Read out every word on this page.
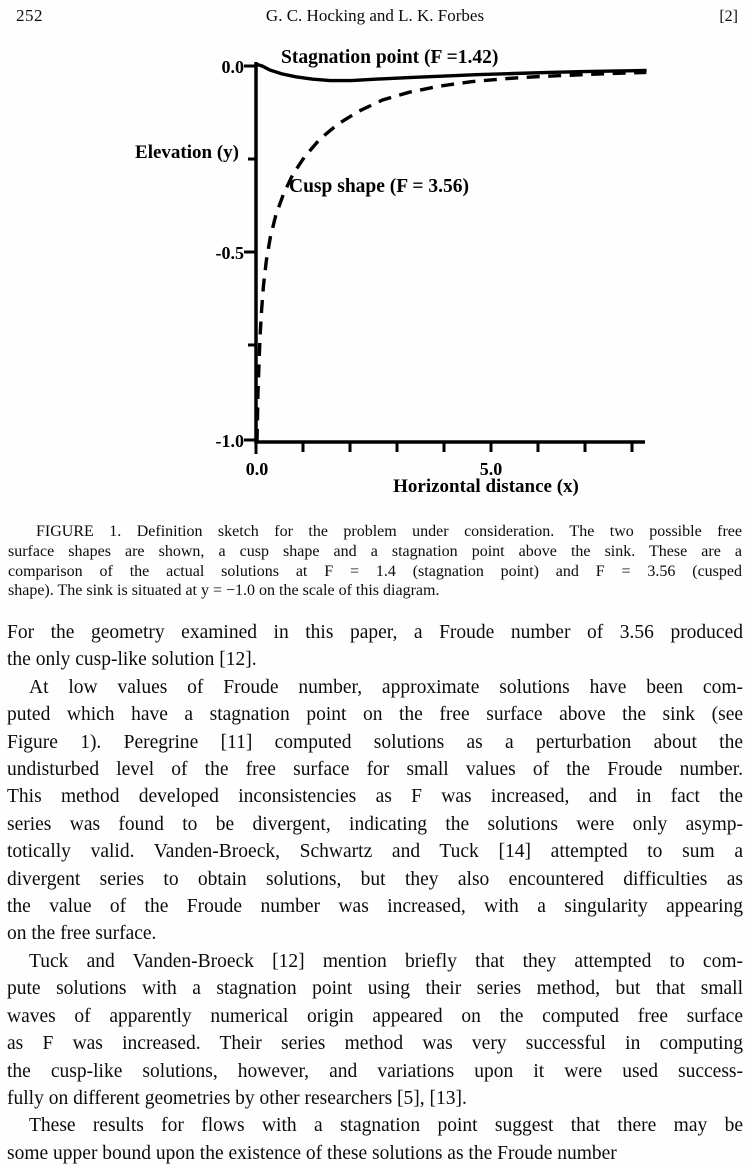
252	G. C. Hocking and L. K. Forbes	[2]
0.0
-0.5
-1.0
0.0	5.0
Elevation (y)
Horizontal distance (x)
Stagnation point (F =1.42)
Cusp shape (F = 3.56)
FIGURE 1. Definition sketch for the problem under consideration. The two possible free
surface shapes are shown, a cusp shape and a stagnation point above the sink. These are a
comparison of the actual solutions at F = 1.4 (stagnation point) and F = 3.56 (cusped
shape). The sink is situated at y = −1.0 on the scale of this diagram.
For the geometry examined in this paper, a Froude number of 3.56 produced
the only cusp-like solution [12].
At low values of Froude number, approximate solutions have been com-
puted which have a stagnation point on the free surface above the sink (see
Figure 1). Peregrine [11] computed solutions as a perturbation about the
undisturbed level of the free surface for small values of the Froude number.
This method developed inconsistencies as F was increased, and in fact the
series was found to be divergent, indicating the solutions were only asymp-
totically valid. Vanden-Broeck, Schwartz and Tuck [14] attempted to sum a
divergent series to obtain solutions, but they also encountered difficulties as
the value of the Froude number was increased, with a singularity appearing
on the free surface.
Tuck and Vanden-Broeck [12] mention briefly that they attempted to com-
pute solutions with a stagnation point using their series method, but that small
waves of apparently numerical origin appeared on the computed free surface
as F was increased. Their series method was very successful in computing
the cusp-like solutions, however, and variations upon it were used success-
fully on different geometries by other researchers [5], [13].
These results for flows with a stagnation point suggest that there may be
some upper bound upon the existence of these solutions as the Froude number
